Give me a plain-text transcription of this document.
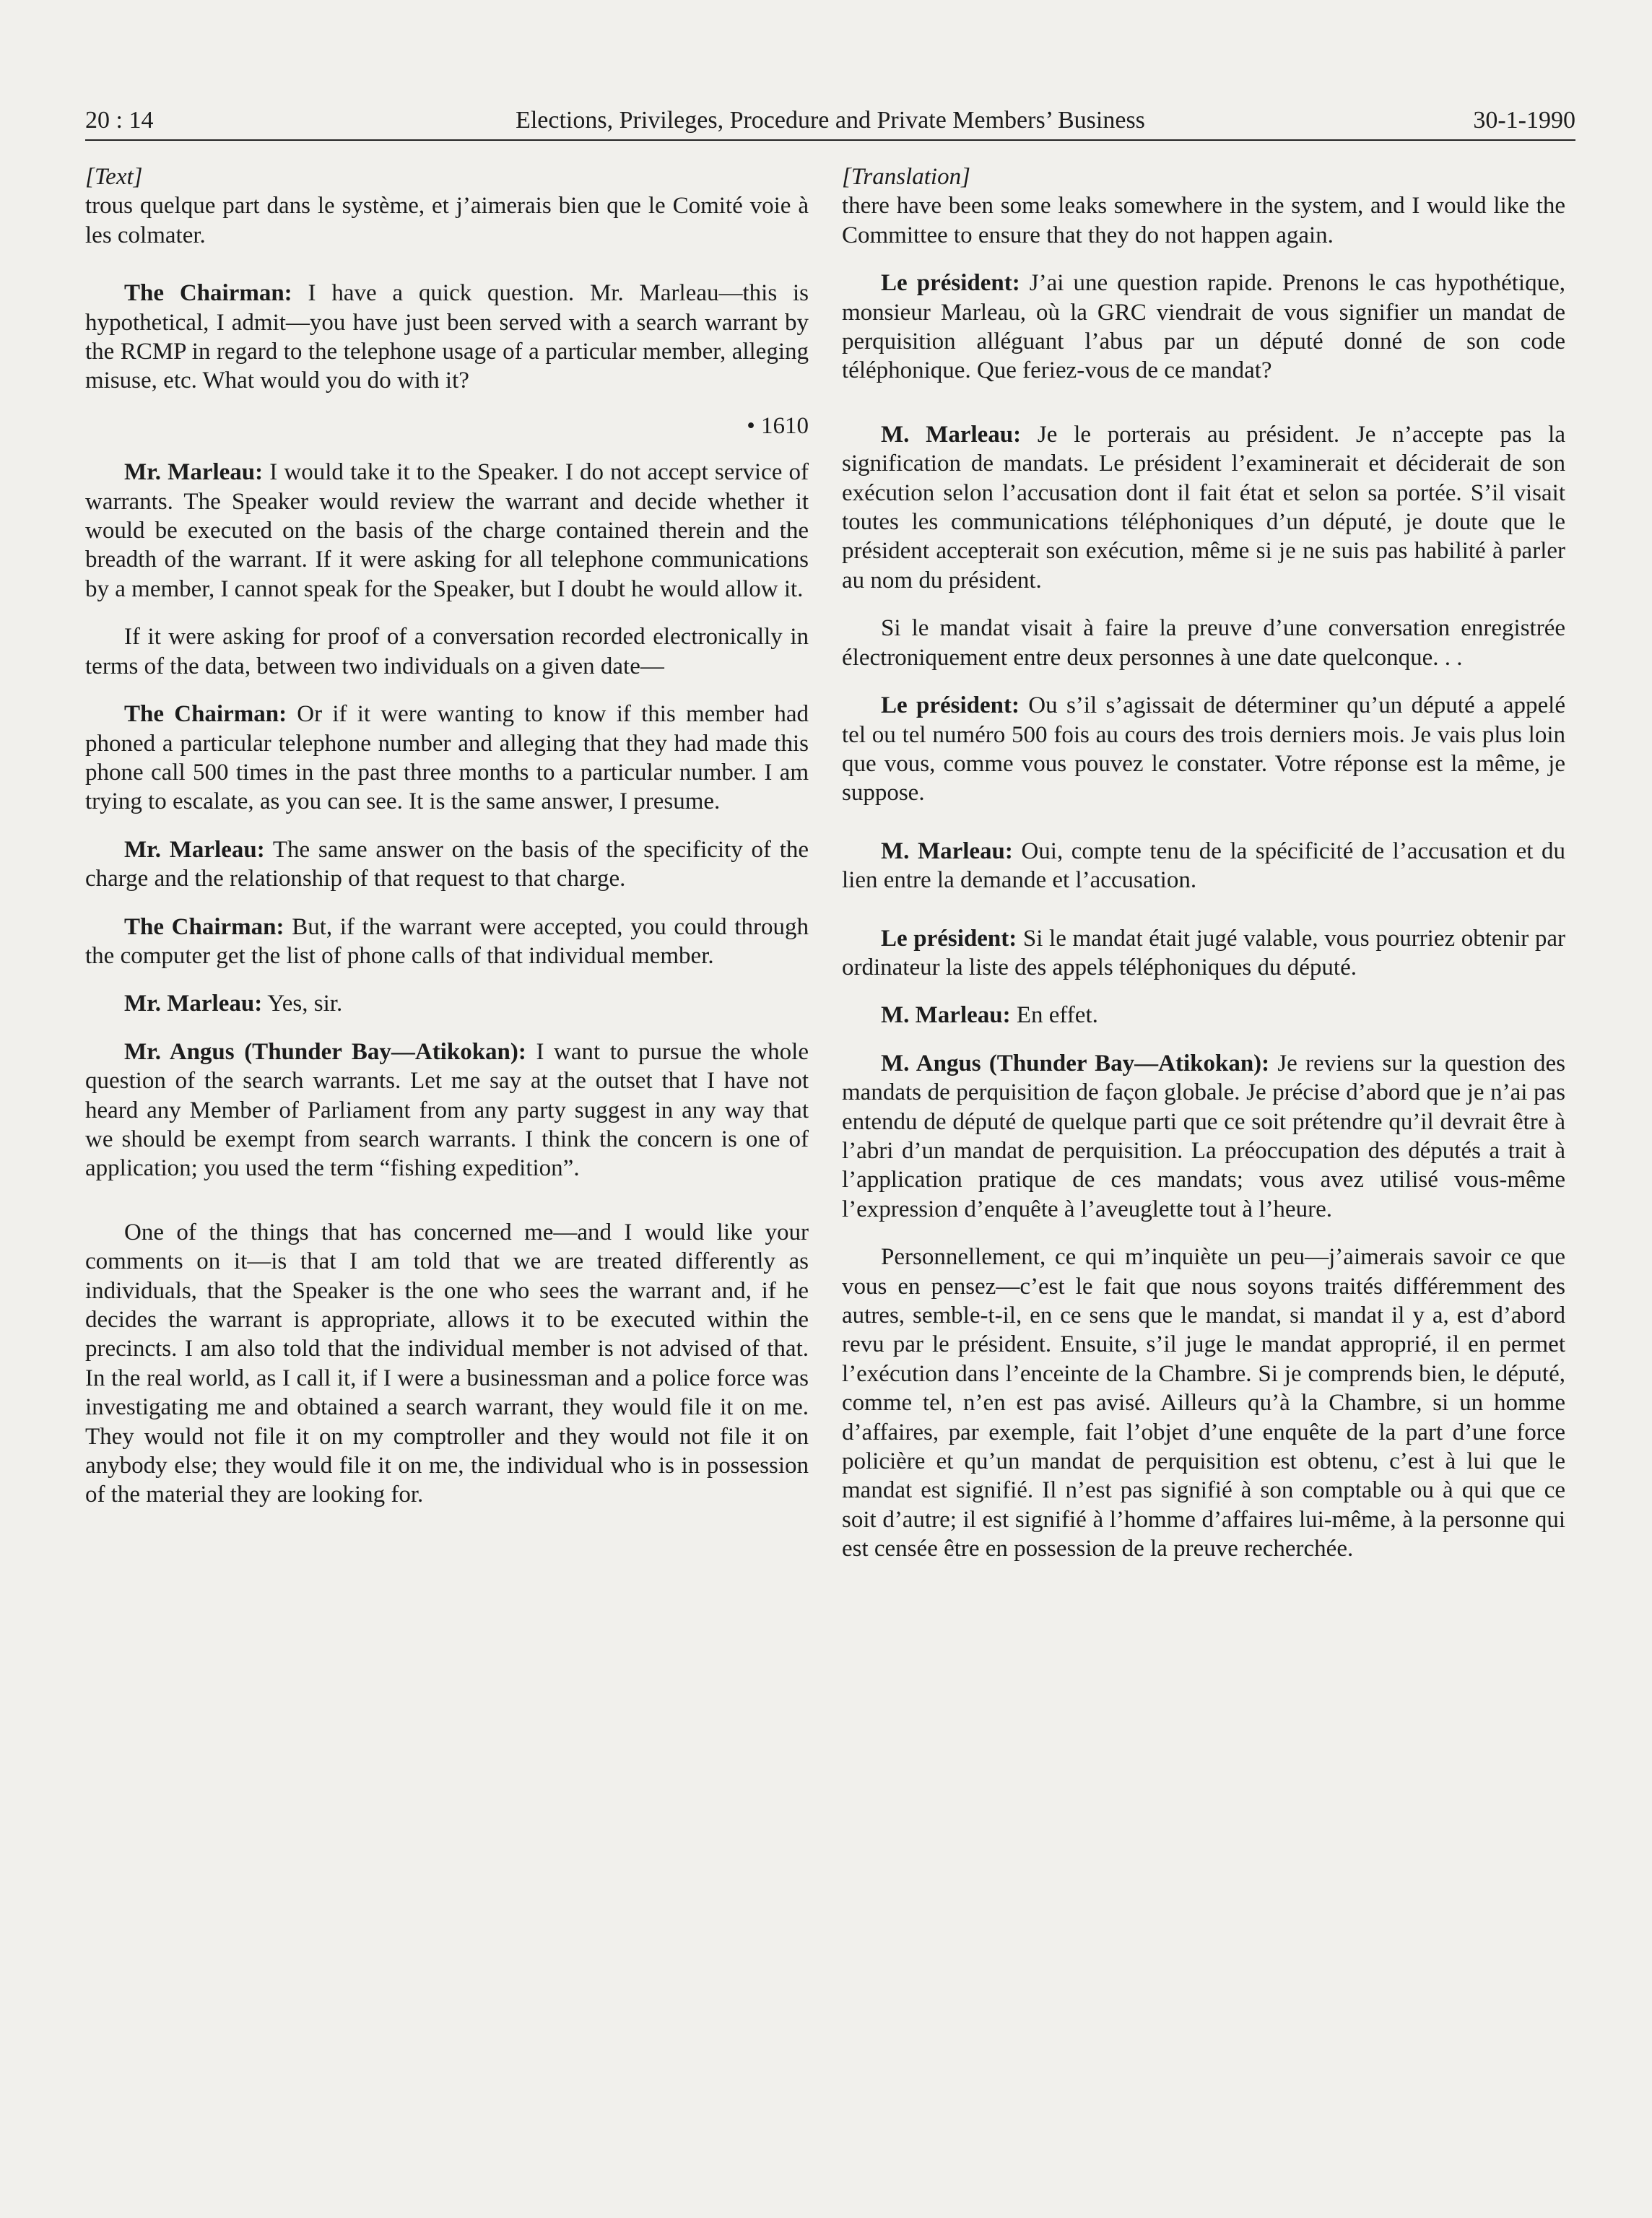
20 : 14	Elections, Privileges, Procedure and Private Members’ Business	30-1-1990

[Text]

trous quelque part dans le système, et j’aimerais bien que le Comité voie à les colmater.

The Chairman: I have a quick question. Mr. Marleau—this is hypothetical, I admit—you have just been served with a search warrant by the RCMP in regard to the telephone usage of a particular member, alleging misuse, etc. What would you do with it?

• 1610

Mr. Marleau: I would take it to the Speaker. I do not accept service of warrants. The Speaker would review the warrant and decide whether it would be executed on the basis of the charge contained therein and the breadth of the warrant. If it were asking for all telephone communications by a member, I cannot speak for the Speaker, but I doubt he would allow it.

If it were asking for proof of a conversation recorded electronically in terms of the data, between two individuals on a given date—

The Chairman: Or if it were wanting to know if this member had phoned a particular telephone number and alleging that they had made this phone call 500 times in the past three months to a particular number. I am trying to escalate, as you can see. It is the same answer, I presume.

Mr. Marleau: The same answer on the basis of the specificity of the charge and the relationship of that request to that charge.

The Chairman: But, if the warrant were accepted, you could through the computer get the list of phone calls of that individual member.

Mr. Marleau: Yes, sir.

Mr. Angus (Thunder Bay—Atikokan): I want to pursue the whole question of the search warrants. Let me say at the outset that I have not heard any Member of Parliament from any party suggest in any way that we should be exempt from search warrants. I think the concern is one of application; you used the term “fishing expedition”.

One of the things that has concerned me—and I would like your comments on it—is that I am told that we are treated differently as individuals, that the Speaker is the one who sees the warrant and, if he decides the warrant is appropriate, allows it to be executed within the precincts. I am also told that the individual member is not advised of that. In the real world, as I call it, if I were a businessman and a police force was investigating me and obtained a search warrant, they would file it on me. They would not file it on my comptroller and they would not file it on anybody else; they would file it on me, the individual who is in possession of the material they are looking for.

[Translation]

there have been some leaks somewhere in the system, and I would like the Committee to ensure that they do not happen again.

Le président: J’ai une question rapide. Prenons le cas hypothétique, monsieur Marleau, où la GRC viendrait de vous signifier un mandat de perquisition alléguant l’abus par un député donné de son code téléphonique. Que feriez-vous de ce mandat?

M. Marleau: Je le porterais au président. Je n’accepte pas la signification de mandats. Le président l’examinerait et déciderait de son exécution selon l’accusation dont il fait état et selon sa portée. S’il visait toutes les communications téléphoniques d’un député, je doute que le président accepterait son exécution, même si je ne suis pas habilité à parler au nom du président.

Si le mandat visait à faire la preuve d’une conversation enregistrée électroniquement entre deux personnes à une date quelconque. . .

Le président: Ou s’il s’agissait de déterminer qu’un député a appelé tel ou tel numéro 500 fois au cours des trois derniers mois. Je vais plus loin que vous, comme vous pouvez le constater. Votre réponse est la même, je suppose.

M. Marleau: Oui, compte tenu de la spécificité de l’accusation et du lien entre la demande et l’accusation.

Le président: Si le mandat était jugé valable, vous pourriez obtenir par ordinateur la liste des appels téléphoniques du député.

M. Marleau: En effet.

M. Angus (Thunder Bay—Atikokan): Je reviens sur la question des mandats de perquisition de façon globale. Je précise d’abord que je n’ai pas entendu de député de quelque parti que ce soit prétendre qu’il devrait être à l’abri d’un mandat de perquisition. La préoccupation des députés a trait à l’application pratique de ces mandats; vous avez utilisé vous-même l’expression d’enquête à l’aveuglette tout à l’heure.

Personnellement, ce qui m’inquiète un peu—j’aimerais savoir ce que vous en pensez—c’est le fait que nous soyons traités différemment des autres, semble-t-il, en ce sens que le mandat, si mandat il y a, est d’abord revu par le président. Ensuite, s’il juge le mandat approprié, il en permet l’exécution dans l’enceinte de la Chambre. Si je comprends bien, le député, comme tel, n’en est pas avisé. Ailleurs qu’à la Chambre, si un homme d’affaires, par exemple, fait l’objet d’une enquête de la part d’une force policière et qu’un mandat de perquisition est obtenu, c’est à lui que le mandat est signifié. Il n’est pas signifié à son comptable ou à qui que ce soit d’autre; il est signifié à l’homme d’affaires lui-même, à la personne qui est censée être en possession de la preuve recherchée.
